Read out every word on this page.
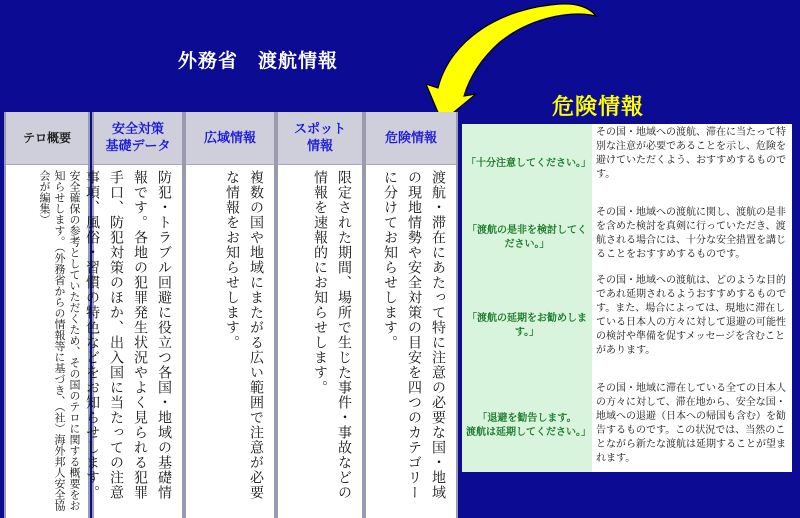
外務省　渡航情報
危険情報
テロ概要
安全確保の参考としていただくため、その国のテロに関する概要をお知らせします。（外務省からの情報等に基づき、（社）海外邦人安全協会が編集）
安全対策
基礎データ
防犯・トラブル回避に役立つ各国・地域の基礎情報です。各地の犯罪発生状況やよく見られる犯罪手口、防犯対策のほか、出入国に当たっての注意事項、風俗・習慣の特色などをお知らせします。
広域情報
複数の国や地域にまたがる広い範囲で注意が必要な情報をお知らせします。
スポット
情報
限定された期間、場所で生じた事件・事故などの情報を速報的にお知らせします。
危険情報
渡航・滞在にあたって特に注意の必要な国・地域の現地情勢や安全対策の目安を四つのカテゴリーに分けてお知らせします。
「十分注意してください。」
その国・地域への渡航、滞在に当たって特別な注意が必要であることを示し、危険を避けていただくよう、おすすめするものです。
「渡航の是非を検討してください。」
その国・地域への渡航に関し、渡航の是非を含めた検討を真剣に行っていただき、渡航される場合には、十分な安全措置を講じることをおすすめするものです。
「渡航の延期をお勧めします。」
その国・地域への渡航は、どのような目的であれ延期されるようおすすめするものです。また、場合によっては、現地に滞在している日本人の方々に対して退避の可能性の検討や準備を促すメッセージを含むことがあります。
「退避を勧告します。
渡航は延期してください。」
その国・地域に滞在している全ての日本人の方々に対して、滞在地から、安全な国・地域への退避（日本への帰国も含む）を勧告するものです。この状況では、当然のことながら新たな渡航は延期することが望まれます。
